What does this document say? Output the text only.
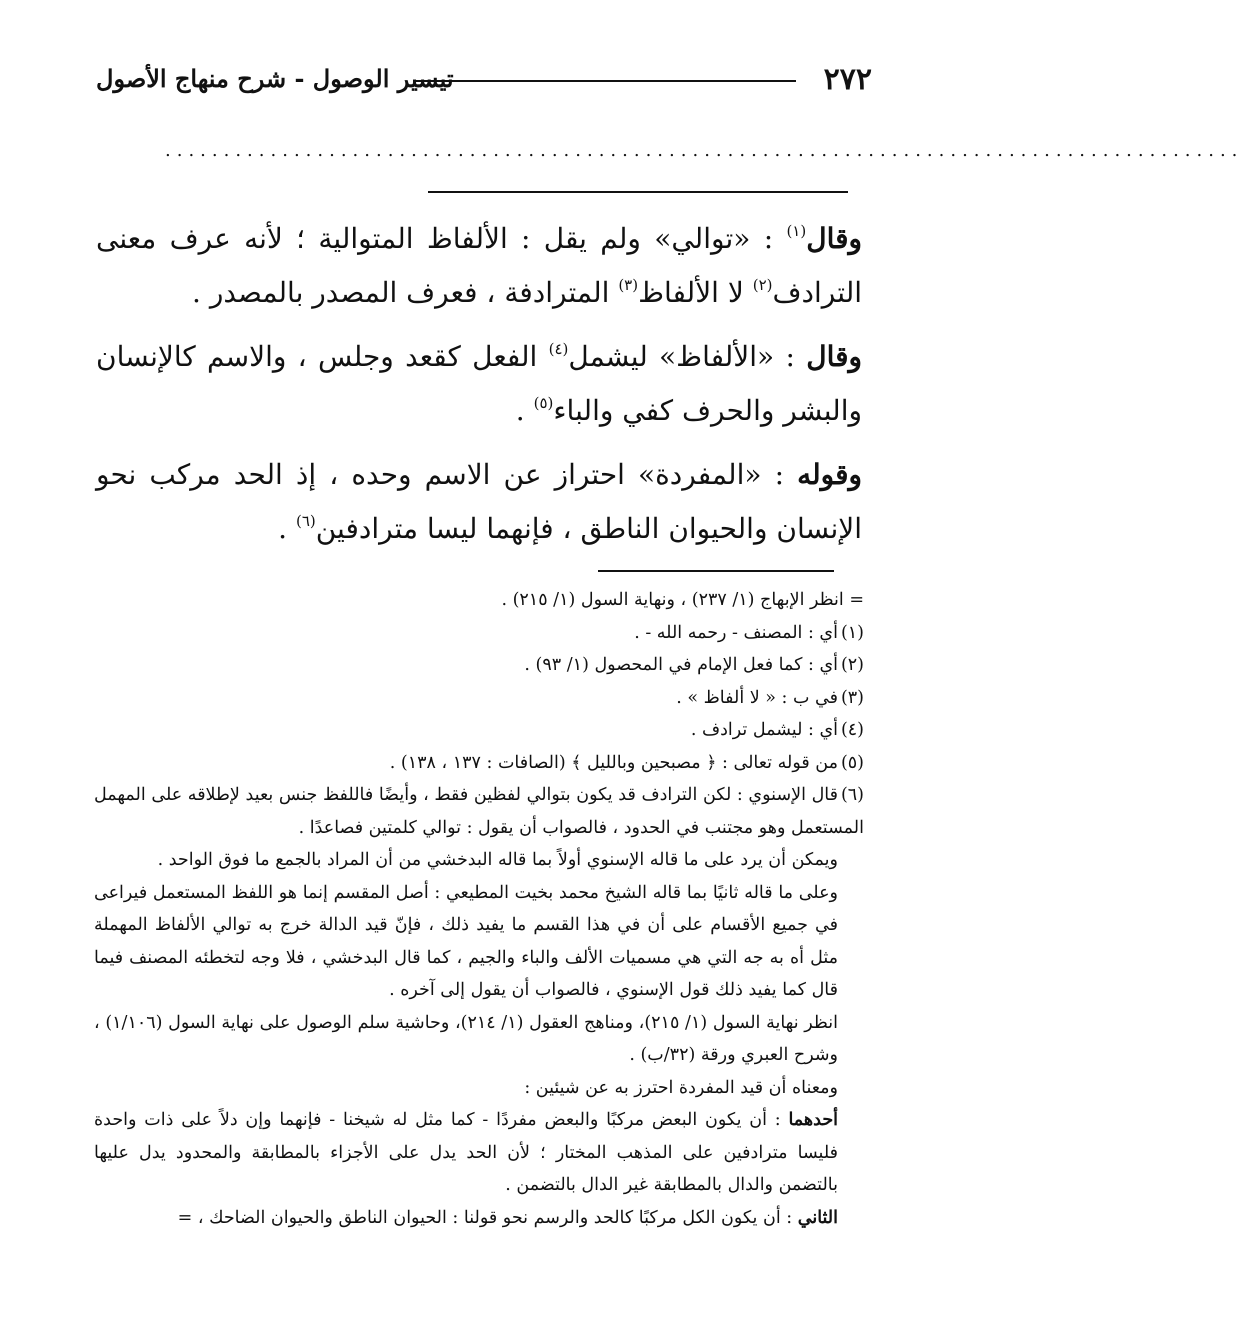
٢٧٢
تيسير الوصول - شرح منهاج الأصول
............................................................................................

وقال$^{(١)}$ : «توالي» ولم يقل : الألفاظ المتوالية ؛ لأنه عرف معنى الترادف$^{(٢)}$ لا الألفاظ$^{(٣)}$ المترادفة ، فعرف المصدر بالمصدر .

وقال : «الألفاظ» ليشمل$^{(٤)}$ الفعل كقعد وجلس ، والاسم كالإنسان والبشر والحرف كفي والباء$^{(٥)}$ .

وقوله : «المفردة» احتراز عن الاسم وحده ، إذ الحد مركب نحو الإنسان والحيوان الناطق ، فإنهما ليسا مترادفين$^{(٦)}$ .

= انظر الإبهاج (١/ ٢٣٧) ، ونهاية السول (١/ ٢١٥) .

(١)أي : المصنف - رحمه الله - .

(٢)أي : كما فعل الإمام في المحصول (١/ ٩٣) .

(٣)في ب : « لا ألفاظ » .

(٤)أي : ليشمل ترادف .

(٥)من قوله تعالى : ﴿ مصبحين وبالليل ﴾ (الصافات : ١٣٧ ، ١٣٨) .

(٦)قال الإسنوي : لكن الترادف قد يكون بتوالي لفظين فقط ، وأيضًا فاللفظ جنس بعيد لإطلاقه على المهمل المستعمل وهو مجتنب في الحدود ، فالصواب أن يقول : توالي كلمتين فصاعدًا .

ويمكن أن يرد على ما قاله الإسنوي أولاً بما قاله البدخشي من أن المراد بالجمع ما فوق الواحد .

وعلى ما قاله ثانيًا بما قاله الشيخ محمد بخيت المطيعي : أصل المقسم إنما هو اللفظ المستعمل فيراعى في جميع الأقسام على أن في هذا القسم ما يفيد ذلك ، فإنّ قيد الدالة خرج به توالي الألفاظ المهملة مثل أه به جه التي هي مسميات الألف والباء والجيم ، كما قال البدخشي ، فلا وجه لتخطئه المصنف فيما قال كما يفيد ذلك قول الإسنوي ، فالصواب أن يقول إلى آخره .

انظر نهاية السول (١/ ٢١٥)، ومناهج العقول (١/ ٢١٤)، وحاشية سلم الوصول على نهاية السول (١/١٠٦) ، وشرح العبري ورقة (٣٢/ب) .

ومعناه أن قيد المفردة احترز به عن شيئين :

أحدهما : أن يكون البعض مركبًا والبعض مفردًا - كما مثل له شيخنا - فإنهما وإن دلاً على ذات واحدة فليسا مترادفين على المذهب المختار ؛ لأن الحد يدل على الأجزاء بالمطابقة والمحدود يدل عليها بالتضمن والدال بالمطابقة غير الدال بالتضمن .

الثاني : أن يكون الكل مركبًا كالحد والرسم نحو قولنا : الحيوان الناطق والحيوان الضاحك ، =
